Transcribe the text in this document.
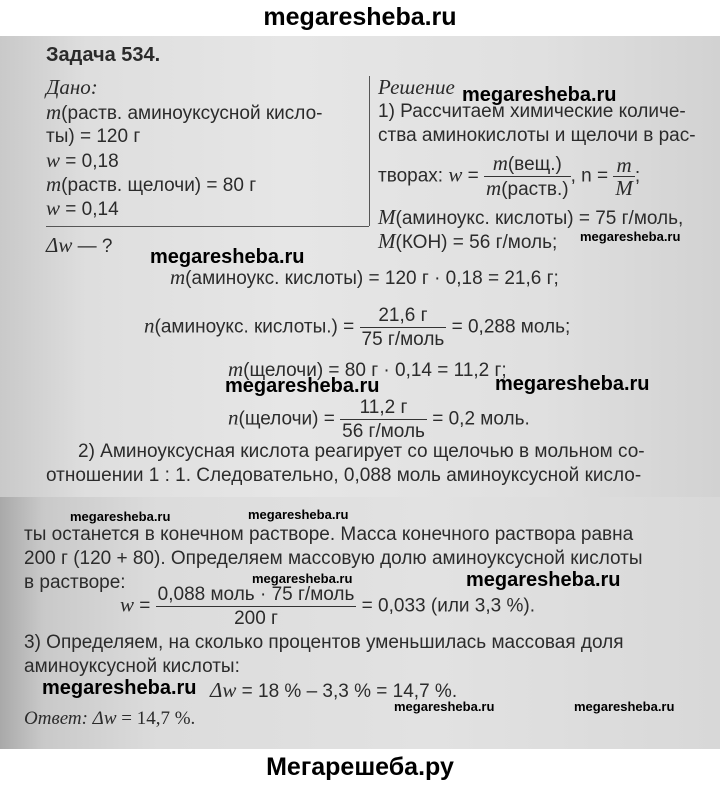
megaresheba.ru
Задача 534.
Дано:
m(раств. аминоуксусной кисло-
ты) = 120 г
w = 0,18
m(раств. щелочи) = 80 г
w = 0,14
Δw — ?
Решение
1) Рассчитаем химические количе-
ства аминокислоты и щелочи в рас-
творах: $w = \frac{\text{m(вещ.)}}{\text{m(раств.)}}$ , $n = \frac{m}{M}$ ;
M(аминоукс. кислоты) = 75 г/моль,
M(КОН) = 56 г/моль;
m(аминоукс. кислоты) = 120 г · 0,18 = 21,6 г;
n(аминоукс. кислоты.) = $\frac{21,6 г}{\text{75 г/моль}} = 0,288$ моль;
m(щелочи) = 80 г · 0,14 = 11,2 г;
n(щелочи) = $\frac{11,2 г}{\text{56 г/моль}} = 0,2$ моль.
2) Аминоуксусная кислота реагирует со щелочью в мольном со-
отношении 1 : 1. Следовательно, 0,088 моль аминоуксусной кисло-
megaresheba.ru
megaresheba.ru
megaresheba.ru
megaresheba.ru	megaresheba.ru
ты останется в конечном растворе. Масса конечного раствора равна
200 г (120 + 80). Определяем массовую долю аминоуксусной кислоты
в растворе:
$w = \frac{\text{0,088 моль · 75 г/моль}}{200 г} = 0,033$ (или 3,3 %).
3) Определяем, на сколько процентов уменьшилась массовая доля
аминоуксусной кислоты:
Δw = 18 % – 3,3 % = 14,7 %.
Ответ: Δw = 14,7 %.
megaresheba.ru	megaresheba.ru
megaresheba.ru
megaresheba.ru
megaresheba.ru	megaresheba.ru
megaresheba.ru
Мегарешеба.ру
